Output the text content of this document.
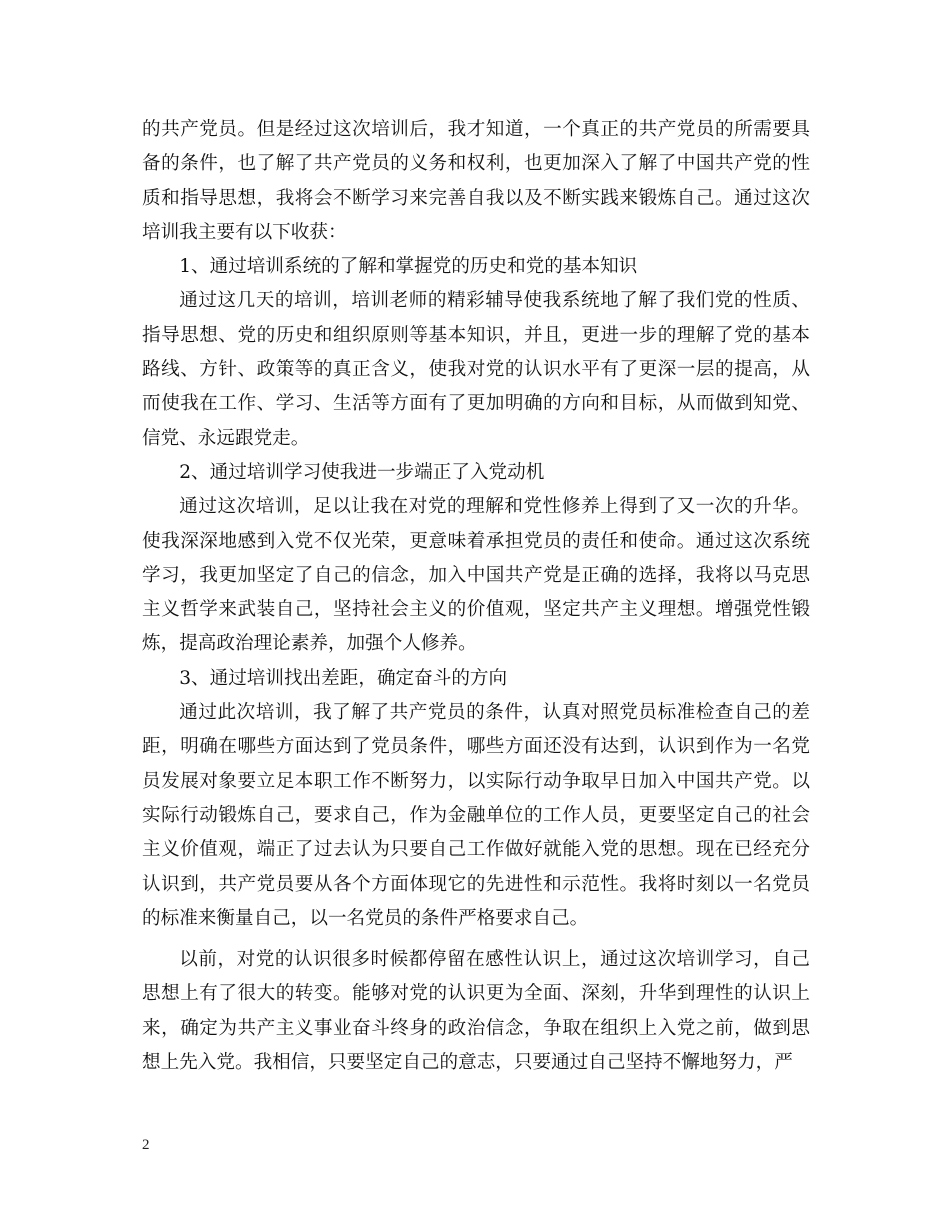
的共产党员。但是经过这次培训后，我才知道，一个真正的共产党员的所需要具备的条件，也了解了共产党员的义务和权利，也更加深入了解了中国共产党的性质和指导思想，我将会不断学习来完善自我以及不断实践来锻炼自己。通过这次培训我主要有以下收获：

1、通过培训系统的了解和掌握党的历史和党的基本知识

通过这几天的培训，培训老师的精彩辅导使我系统地了解了我们党的性质、指导思想、党的历史和组织原则等基本知识，并且，更进一步的理解了党的基本路线、方针、政策等的真正含义，使我对党的认识水平有了更深一层的提高，从而使我在工作、学习、生活等方面有了更加明确的方向和目标，从而做到知党、信党、永远跟党走。

2、通过培训学习使我进一步端正了入党动机

通过这次培训，足以让我在对党的理解和党性修养上得到了又一次的升华。使我深深地感到入党不仅光荣，更意味着承担党员的责任和使命。通过这次系统学习，我更加坚定了自己的信念，加入中国共产党是正确的选择，我将以马克思主义哲学来武装自己，坚持社会主义的价值观，坚定共产主义理想。增强党性锻炼，提高政治理论素养，加强个人修养。

3、通过培训找出差距，确定奋斗的方向

通过此次培训，我了解了共产党员的条件，认真对照党员标准检查自己的差距，明确在哪些方面达到了党员条件，哪些方面还没有达到，认识到作为一名党员发展对象要立足本职工作不断努力，以实际行动争取早日加入中国共产党。以实际行动锻炼自己，要求自己，作为金融单位的工作人员，更要坚定自己的社会主义价值观，端正了过去认为只要自己工作做好就能入党的思想。现在已经充分认识到，共产党员要从各个方面体现它的先进性和示范性。我将时刻以一名党员的标准来衡量自己，以一名党员的条件严格要求自己。

以前，对党的认识很多时候都停留在感性认识上，通过这次培训学习，自己思想上有了很大的转变。能够对党的认识更为全面、深刻，升华到理性的认识上来，确定为共产主义事业奋斗终身的政治信念，争取在组织上入党之前，做到思想上先入党。我相信，只要坚定自己的意志，只要通过自己坚持不懈地努力，严

2
